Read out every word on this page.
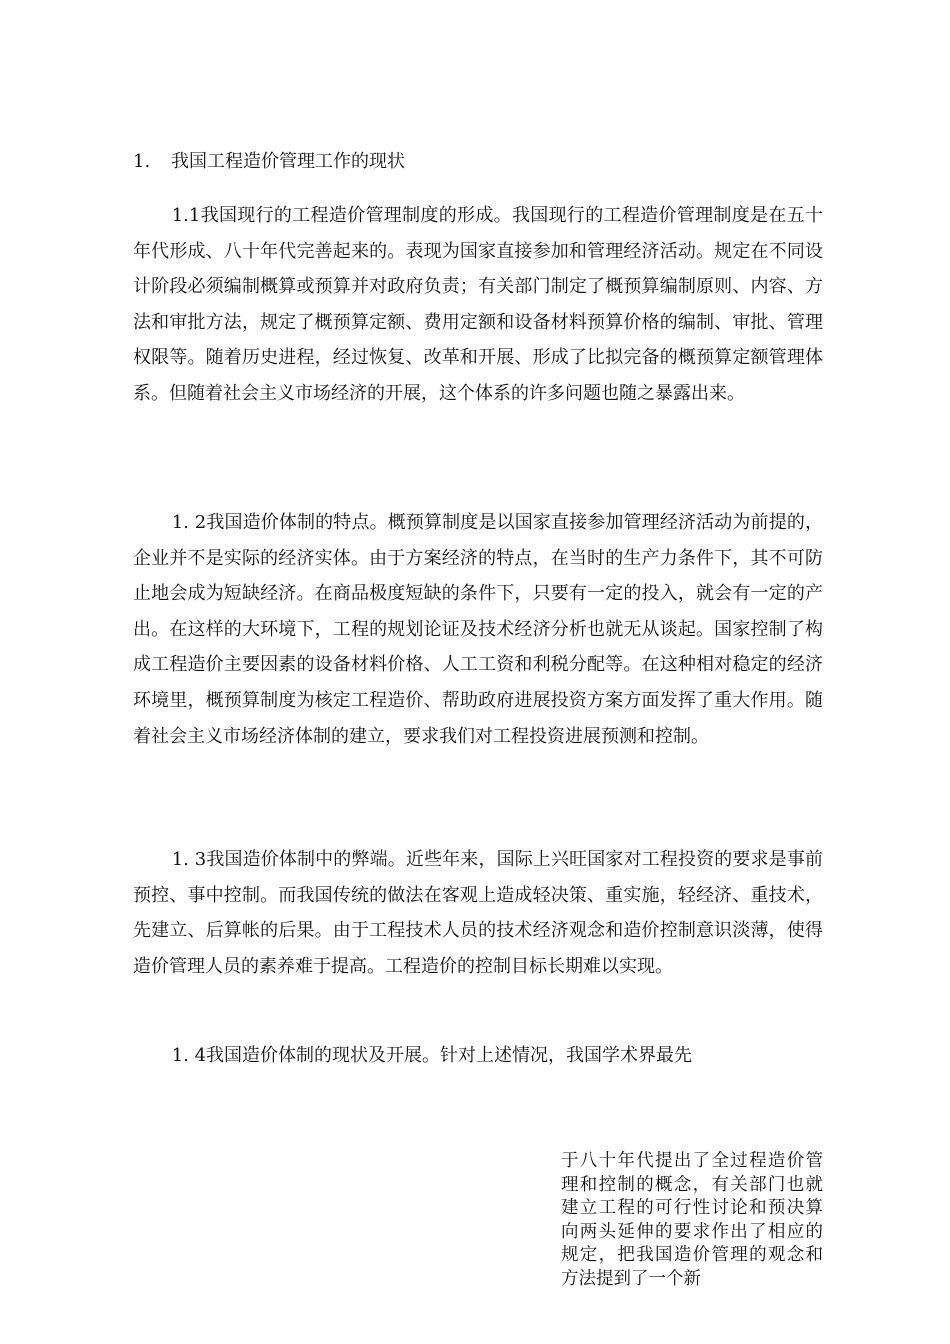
1. 我国工程造价管理工作的现状

1.1我国现行的工程造价管理制度的形成。我国现行的工程造价管理制度是在五十年代形成、八十年代完善起来的。表现为国家直接参加和管理经济活动。规定在不同设计阶段必须编制概算或预算并对政府负责；有关部门制定了概预算编制原则、内容、方法和审批方法，规定了概预算定额、费用定额和设备材料预算价格的编制、审批、管理权限等。随着历史进程，经过恢复、改革和开展、形成了比拟完备的概预算定额管理体系。但随着社会主义市场经济的开展，这个体系的许多问题也随之暴露出来。

1. 2我国造价体制的特点。概预算制度是以国家直接参加管理经济活动为前提的，企业并不是实际的经济实体。由于方案经济的特点，在当时的生产力条件下，其不可防止地会成为短缺经济。在商品极度短缺的条件下，只要有一定的投入，就会有一定的产出。在这样的大环境下，工程的规划论证及技术经济分析也就无从谈起。国家控制了构成工程造价主要因素的设备材料价格、人工工资和利税分配等。在这种相对稳定的经济环境里，概预算制度为核定工程造价、帮助政府进展投资方案方面发挥了重大作用。随着社会主义市场经济体制的建立，要求我们对工程投资进展预测和控制。

1. 3我国造价体制中的弊端。近些年来，国际上兴旺国家对工程投资的要求是事前预控、事中控制。而我国传统的做法在客观上造成轻决策、重实施，轻经济、重技术，先建立、后算帐的后果。由于工程技术人员的技术经济观念和造价控制意识淡薄，使得造价管理人员的素养难于提高。工程造价的控制目标长期难以实现。

1. 4我国造价体制的现状及开展。针对上述情况，我国学术界最先

于八十年代提出了全过程造价管理和控制的概念，有关部门也就建立工程的可行性讨论和预决算向两头延伸的要求作出了相应的规定，把我国造价管理的观念和方法提到了一个新
